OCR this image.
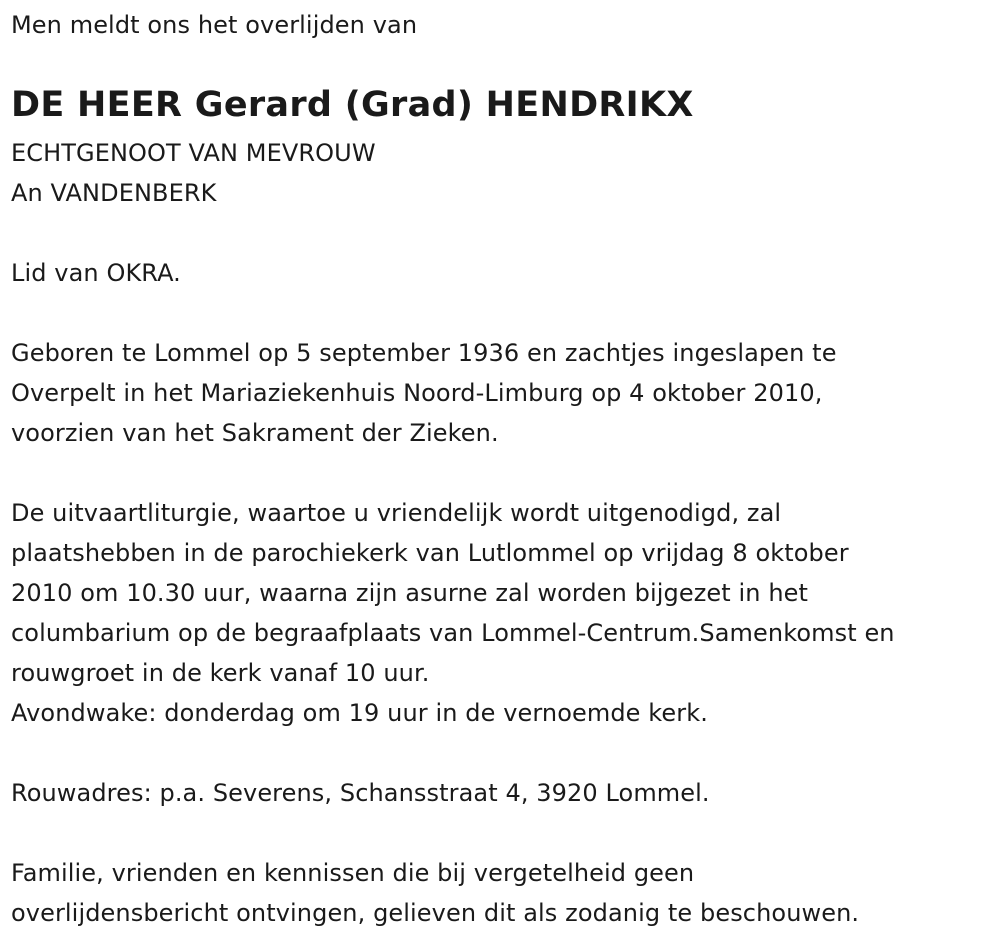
Men meldt ons het overlijden van
DE HEER Gerard (Grad) HENDRIKX
ECHTGENOOT VAN MEVROUW
An VANDENBERK
Lid van OKRA.
Geboren te Lommel op 5 september 1936 en zachtjes ingeslapen te
Overpelt in het Mariaziekenhuis Noord-Limburg op 4 oktober 2010,
voorzien van het Sakrament der Zieken.
De uitvaartliturgie, waartoe u vriendelijk wordt uitgenodigd, zal
plaatshebben in de parochiekerk van Lutlommel op vrijdag 8 oktober
2010 om 10.30 uur, waarna zijn asurne zal worden bijgezet in het
columbarium op de begraafplaats van Lommel-Centrum.Samenkomst en
rouwgroet in de kerk vanaf 10 uur.
Avondwake: donderdag om 19 uur in de vernoemde kerk.
Rouwadres: p.a. Severens, Schansstraat 4, 3920 Lommel.
Familie, vrienden en kennissen die bij vergetelheid geen
overlijdensbericht ontvingen, gelieven dit als zodanig te beschouwen.
